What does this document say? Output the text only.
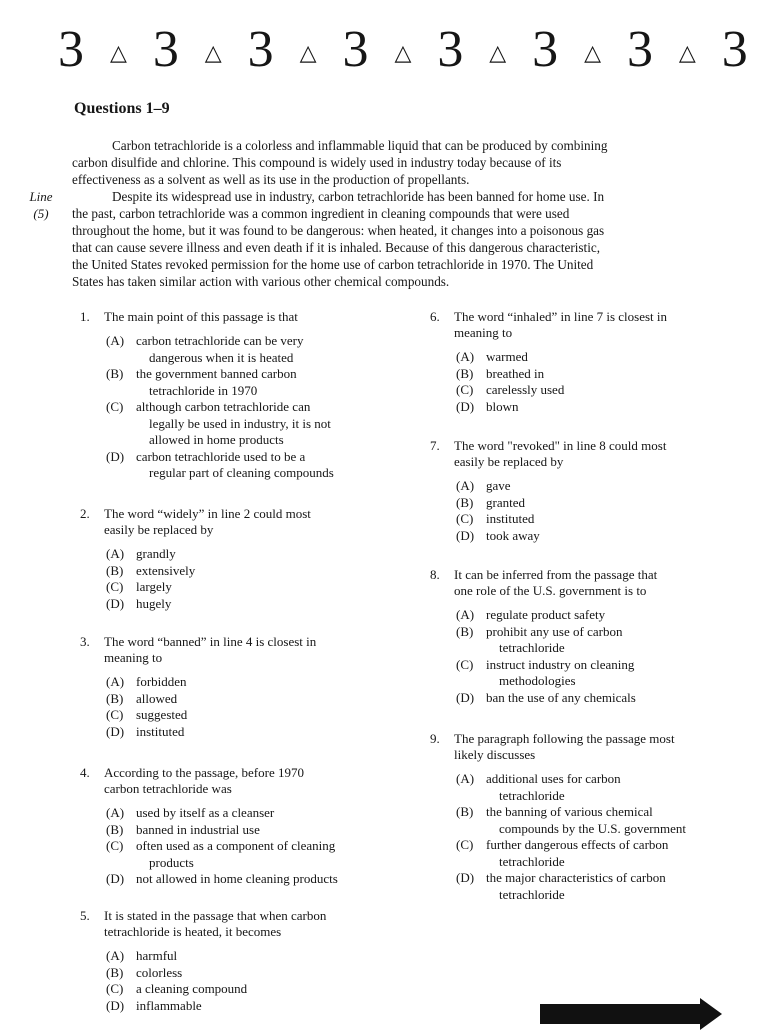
3 △ 3 △ 3 △ 3 △ 3 △ 3 △ 3 △ 3
Questions 1–9
Line
(5)
Carbon tetrachloride is a colorless and inflammable liquid that can be produced by combining
carbon disulfide and chlorine. This compound is widely used in industry today because of its
effectiveness as a solvent as well as its use in the production of propellants.
Despite its widespread use in industry, carbon tetrachloride has been banned for home use. In
the past, carbon tetrachloride was a common ingredient in cleaning compounds that were used
throughout the home, but it was found to be dangerous: when heated, it changes into a poisonous gas
that can cause severe illness and even death if it is inhaled. Because of this dangerous characteristic,
the United States revoked permission for the home use of carbon tetrachloride in 1970. The United
States has taken similar action with various other chemical compounds.
1. The main point of this passage is that
(A) carbon tetrachloride can be very
dangerous when it is heated
(B) the government banned carbon
tetrachloride in 1970
(C) although carbon tetrachloride can
legally be used in industry, it is not
allowed in home products
(D) carbon tetrachloride used to be a
regular part of cleaning compounds
2. The word “widely” in line 2 could most
easily be replaced by
(A) grandly
(B) extensively
(C) largely
(D) hugely
3. The word “banned” in line 4 is closest in
meaning to
(A) forbidden
(B) allowed
(C) suggested
(D) instituted
4. According to the passage, before 1970
carbon tetrachloride was
(A) used by itself as a cleanser
(B) banned in industrial use
(C) often used as a component of cleaning
products
(D) not allowed in home cleaning products
5. It is stated in the passage that when carbon
tetrachloride is heated, it becomes
(A) harmful
(B) colorless
(C) a cleaning compound
(D) inflammable
6. The word “inhaled” in line 7 is closest in
meaning to
(A) warmed
(B) breathed in
(C) carelessly used
(D) blown
7. The word "revoked" in line 8 could most
easily be replaced by
(A) gave
(B) granted
(C) instituted
(D) took away
8. It can be inferred from the passage that
one role of the U.S. government is to
(A) regulate product safety
(B) prohibit any use of carbon
tetrachloride
(C) instruct industry on cleaning
methodologies
(D) ban the use of any chemicals
9. The paragraph following the passage most
likely discusses
(A) additional uses for carbon
tetrachloride
(B) the banning of various chemical
compounds by the U.S. government
(C) further dangerous effects of carbon
tetrachloride
(D) the major characteristics of carbon
tetrachloride
